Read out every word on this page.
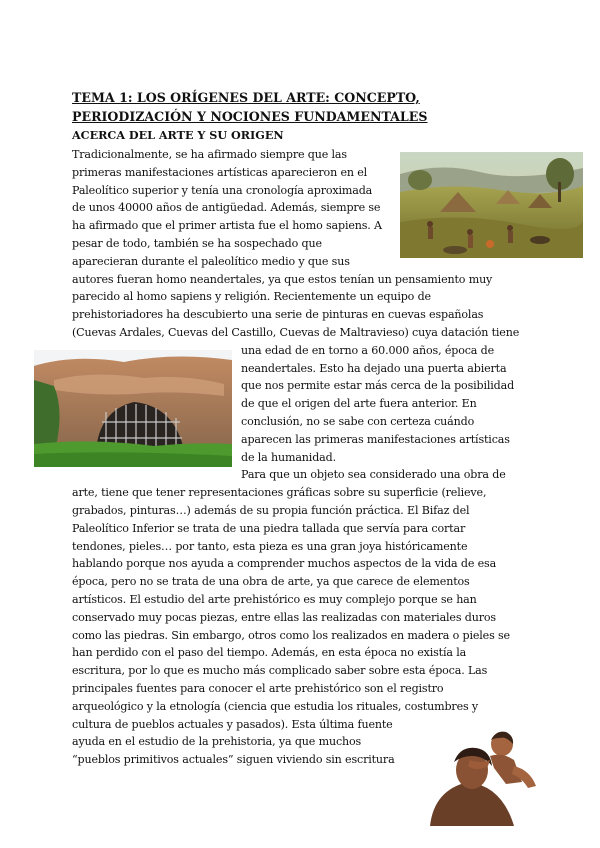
TEMA 1: LOS ORÍGENES DEL ARTE: CONCEPTO, PERIODIZACIÓN Y NOCIONES FUNDAMENTALES
ACERCA DEL ARTE Y SU ORIGEN
Tradicionalmente, se ha afirmado siempre que las
primeras manifestaciones artísticas aparecieron en el
Paleolítico superior y tenía una cronología aproximada
de unos 40000 años de antigüedad. Además, siempre se
ha afirmado que el primer artista fue el homo sapiens. A
pesar de todo, también se ha sospechado que
aparecieran durante el paleolítico medio y que sus
autores fueran homo neandertales, ya que estos tenían un pensamiento muy
parecido al homo sapiens y religión. Recientemente un equipo de
prehistoriadores ha descubierto una serie de pinturas en cuevas españolas
(Cuevas Ardales, Cuevas del Castillo, Cuevas de Maltravieso) cuya datación tiene
una edad de en torno a 60.000 años, época de
neandertales. Esto ha dejado una puerta abierta
que nos permite estar más cerca de la posibilidad
de que el origen del arte fuera anterior. En
conclusión, no se sabe con certeza cuándo
aparecen las primeras manifestaciones artísticas
de la humanidad.
Para que un objeto sea considerado una obra de
arte, tiene que tener representaciones gráficas sobre su superficie (relieve,
grabados, pinturas…) además de su propia función práctica. El Bifaz del
Paleolítico Inferior se trata de una piedra tallada que servía para cortar
tendones, pieles… por tanto, esta pieza es una gran joya históricamente
hablando porque nos ayuda a comprender muchos aspectos de la vida de esa
época, pero no se trata de una obra de arte, ya que carece de elementos
artísticos. El estudio del arte prehistórico es muy complejo porque se han
conservado muy pocas piezas, entre ellas las realizadas con materiales duros
como las piedras. Sin embargo, otros como los realizados en madera o pieles se
han perdido con el paso del tiempo. Además, en esta época no existía la
escritura, por lo que es mucho más complicado saber sobre esta época. Las
principales fuentes para conocer el arte prehistórico son el registro
arqueológico y la etnología (ciencia que estudia los rituales, costumbres y
cultura de pueblos actuales y pasados). Esta última fuente
ayuda en el estudio de la prehistoria, ya que muchos
“pueblos primitivos actuales” siguen viviendo sin escritura
